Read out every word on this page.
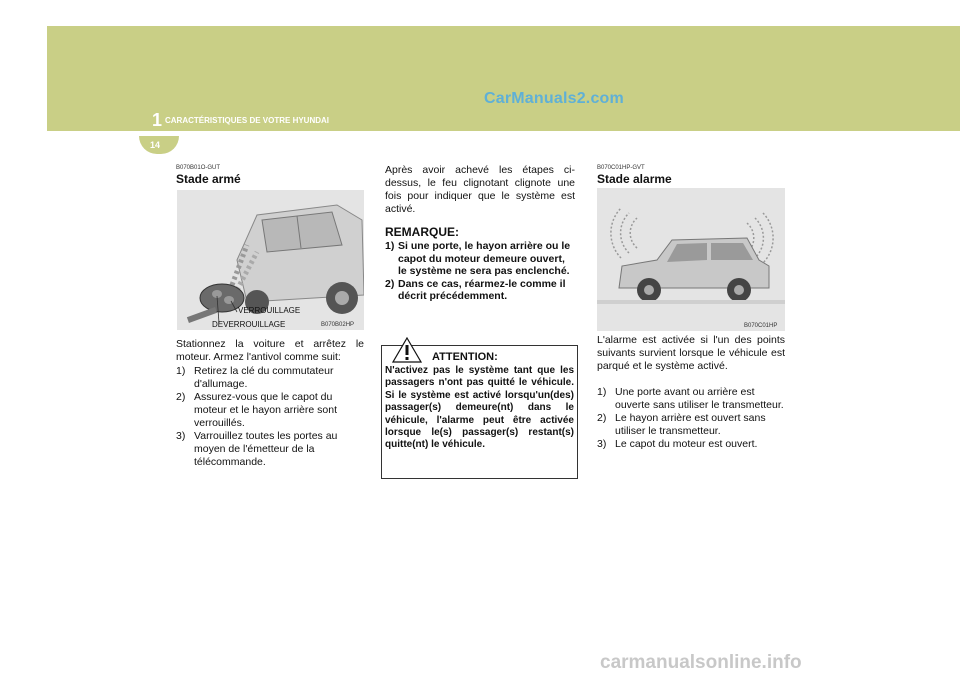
CarManuals2.com
1 CARACTÉRISTIQUES DE VOTRE HYUNDAI
14
B070B01O-GUT
Stade armé
VERROUILLAGE
DEVERROUILLAGE	B070B02HP
Stationnez la voiture et arrêtez le moteur. Armez l'antivol comme suit:
1) Retirez la clé du commutateur d'allumage.
2) Assurez-vous que le capot du moteur et le hayon arrière sont verrouillés.
3) Varrouillez toutes les portes au moyen de l'émetteur de la télécommande.
Après avoir achevé les étapes ci-dessus, le feu clignotant clignote une fois pour indiquer que le système est activé.
REMARQUE:
1) Si une porte, le hayon arrière ou le capot du moteur demeure ouvert, le système ne sera pas enclenché.
2) Dans ce cas, réarmez-le comme il décrit précédemment.
ATTENTION:
N'activez pas le système tant que les passagers n'ont pas quitté le véhicule. Si le système est activé lorsqu'un(des) passager(s) demeure(nt) dans le véhicule, l'alarme peut être activée lorsque le(s) passager(s) restant(s) quitte(nt) le véhicule.
B070C01HP-GVT
Stade alarme
B070C01HP
L'alarme est activée si l'un des points suivants survient lorsque le véhicule est parqué et le système activé.
1) Une porte avant ou arrière est ouverte sans utiliser le transmetteur.
2) Le hayon arrière est ouvert sans utiliser le transmetteur.
3) Le capot du moteur est ouvert.
carmanualsonline.info
